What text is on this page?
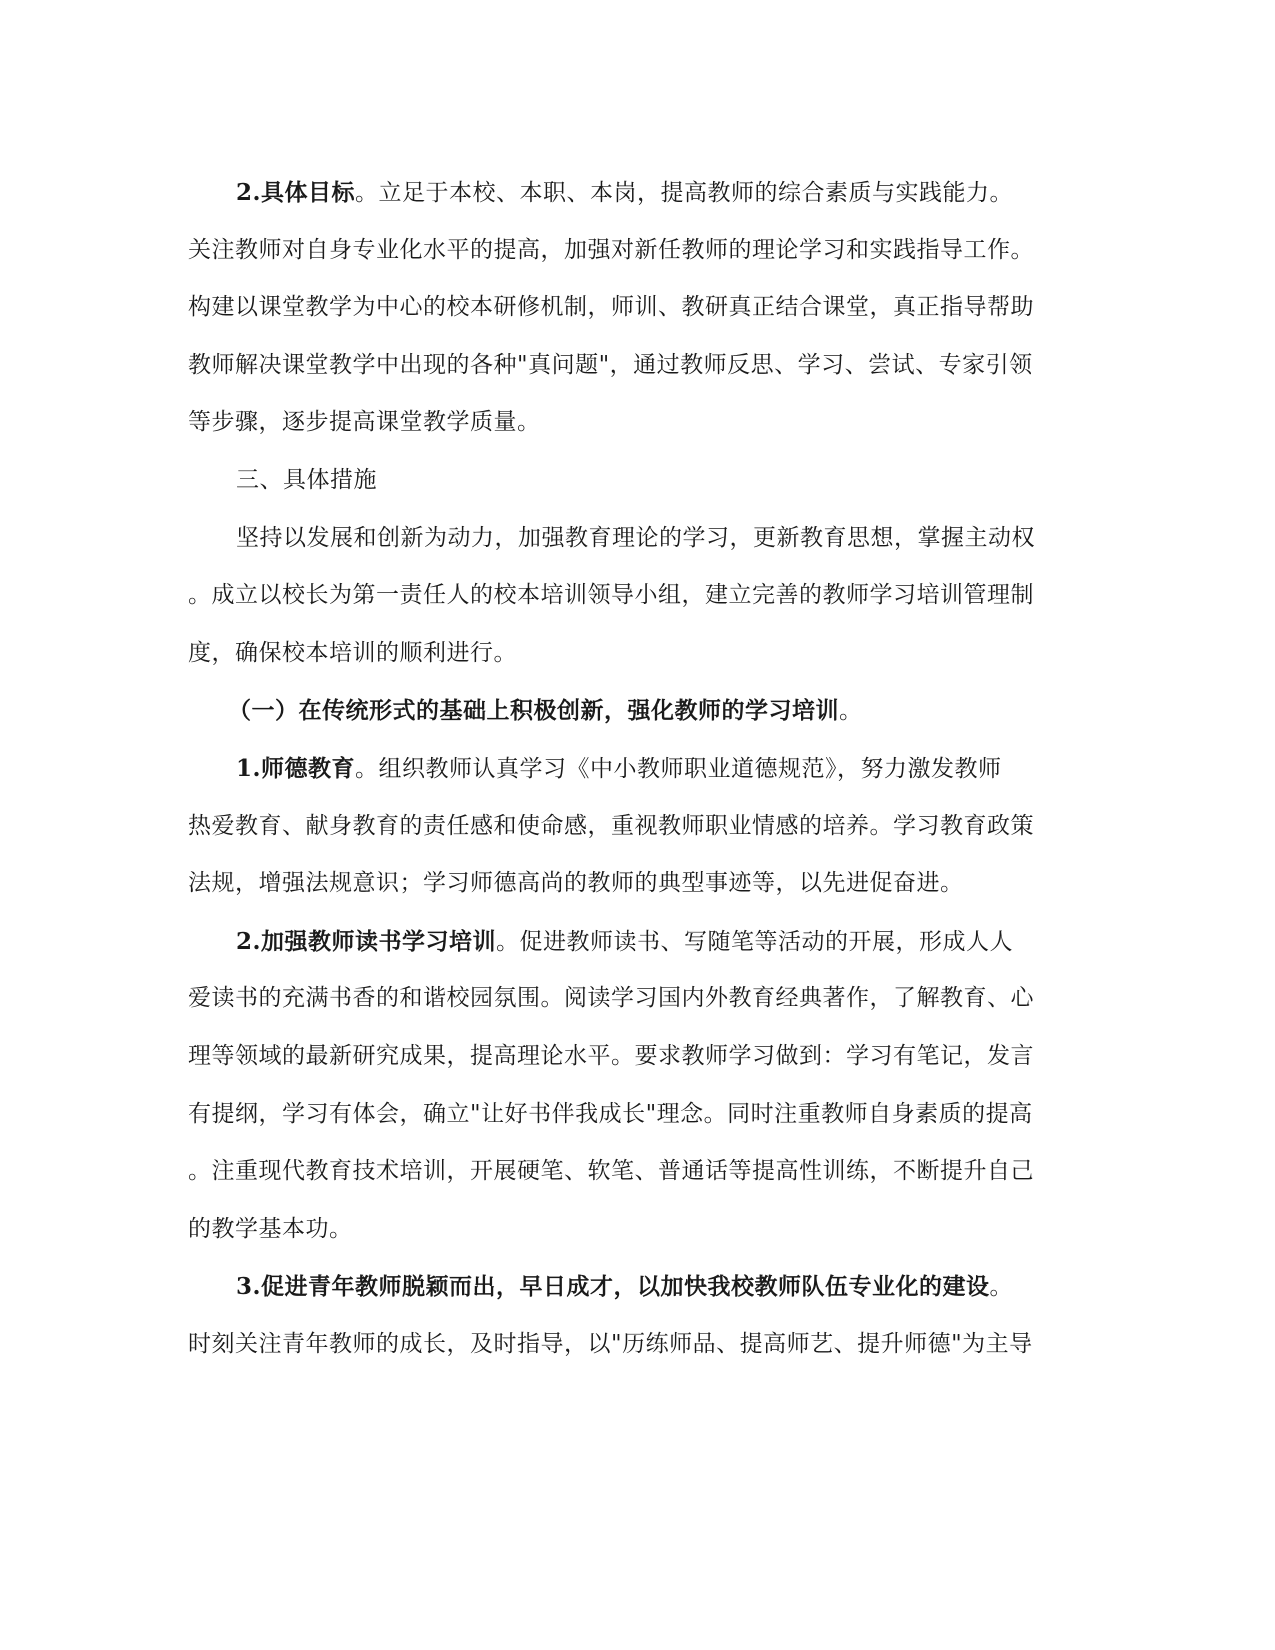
2.具体目标。立足于本校、本职、本岗，提高教师的综合素质与实践能力。
关注教师对自身专业化水平的提高，加强对新任教师的理论学习和实践指导工作。
构建以课堂教学为中心的校本研修机制，师训、教研真正结合课堂，真正指导帮助
教师解决课堂教学中出现的各种"真问题"，通过教师反思、学习、尝试、专家引领
等步骤，逐步提高课堂教学质量。
三、具体措施
坚持以发展和创新为动力，加强教育理论的学习，更新教育思想，掌握主动权
。成立以校长为第一责任人的校本培训领导小组，建立完善的教师学习培训管理制
度，确保校本培训的顺利进行。
（一）在传统形式的基础上积极创新，强化教师的学习培训。
1.师德教育。组织教师认真学习《中小教师职业道德规范》，努力激发教师
热爱教育、献身教育的责任感和使命感，重视教师职业情感的培养。学习教育政策
法规，增强法规意识；学习师德高尚的教师的典型事迹等，以先进促奋进。
2.加强教师读书学习培训。促进教师读书、写随笔等活动的开展，形成人人
爱读书的充满书香的和谐校园氛围。阅读学习国内外教育经典著作，了解教育、心
理等领域的最新研究成果，提高理论水平。要求教师学习做到：学习有笔记，发言
有提纲，学习有体会，确立"让好书伴我成长"理念。同时注重教师自身素质的提高
。注重现代教育技术培训，开展硬笔、软笔、普通话等提高性训练，不断提升自己
的教学基本功。
3.促进青年教师脱颖而出，早日成才，以加快我校教师队伍专业化的建设。
时刻关注青年教师的成长，及时指导，以"历练师品、提高师艺、提升师德"为主导
